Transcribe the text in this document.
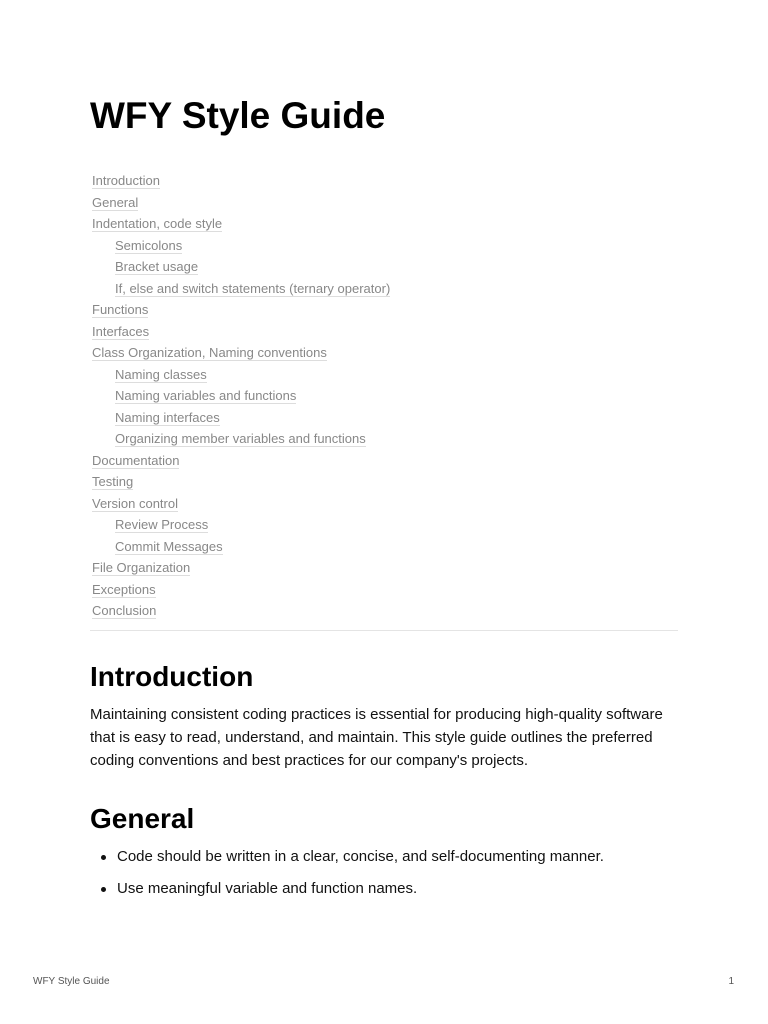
WFY Style Guide
Introduction
General
Indentation, code style
Semicolons
Bracket usage
If, else and switch statements (ternary operator)
Functions
Interfaces
Class Organization, Naming conventions
Naming classes
Naming variables and functions
Naming interfaces
Organizing member variables and functions
Documentation
Testing
Version control
Review Process
Commit Messages
File Organization
Exceptions
Conclusion
Introduction

Maintaining consistent coding practices is essential for producing high-quality software that is easy to read, understand, and maintain. This style guide outlines the preferred coding conventions and best practices for our company's projects.

General
Code should be written in a clear, concise, and self-documenting manner.
Use meaningful variable and function names.
WFY Style Guide	1
